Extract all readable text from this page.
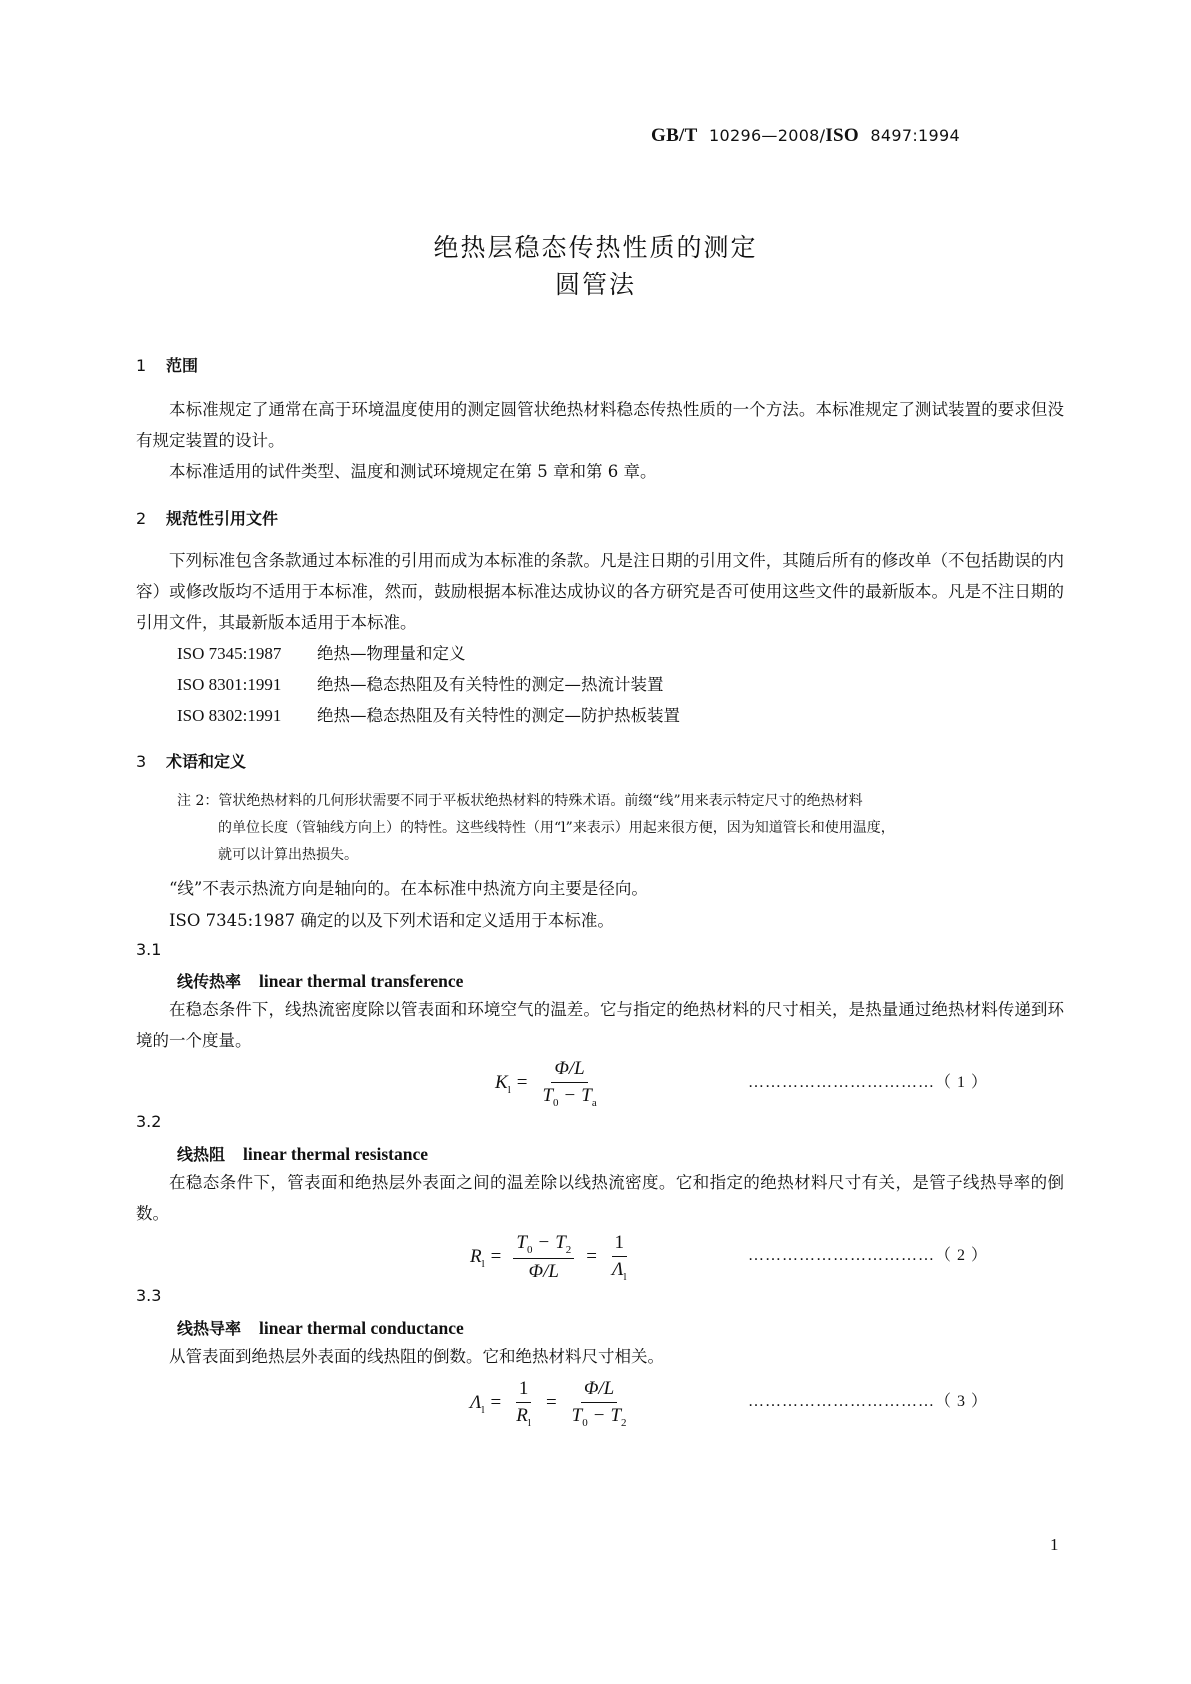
GB/T 10296—2008/ISO 8497:1994
绝热层稳态传热性质的测定
圆管法
1 范围
本标准规定了通常在高于环境温度使用的测定圆管状绝热材料稳态传热性质的一个方法。本标准规定了测试装置的要求但没有规定装置的设计。
本标准适用的试件类型、温度和测试环境规定在第 5 章和第 6 章。
2 规范性引用文件
下列标准包含条款通过本标准的引用而成为本标准的条款。凡是注日期的引用文件，其随后所有的修改单（不包括勘误的内容）或修改版均不适用于本标准，然而，鼓励根据本标准达成协议的各方研究是否可使用这些文件的最新版本。凡是不注日期的引用文件，其最新版本适用于本标准。
ISO 7345:1987 绝热—物理量和定义
ISO 8301:1991 绝热—稳态热阻及有关特性的测定—热流计装置
ISO 8302:1991 绝热—稳态热阻及有关特性的测定—防护热板装置
3 术语和定义
注 2：管状绝热材料的几何形状需要不同于平板状绝热材料的特殊术语。前缀“线”用来表示特定尺寸的绝热材料
的单位长度（管轴线方向上）的特性。这些线特性（用“l”来表示）用起来很方便，因为知道管长和使用温度，
就可以计算出热损失。
“线”不表示热流方向是轴向的。在本标准中热流方向主要是径向。
ISO 7345:1987 确定的以及下列术语和定义适用于本标准。
3.1
线传热率 linear thermal transference
在稳态条件下，线热流密度除以管表面和环境空气的温差。它与指定的绝热材料的尺寸相关，是热量通过绝热材料传递到环境的一个度量。
$K_l = \frac{\Phi/L}{T_0 - T_a}$	……………………………（ 1 ）
3.2
线热阻 linear thermal resistance
在稳态条件下，管表面和绝热层外表面之间的温差除以线热流密度。它和指定的绝热材料尺寸有关，是管子线热导率的倒数。
$R_l = \frac{T_0 - T_2}{\Phi/L} = \frac{1}{\Lambda_l}$	……………………………（ 2 ）
3.3
线热导率 linear thermal conductance
从管表面到绝热层外表面的线热阻的倒数。它和绝热材料尺寸相关。
$\Lambda_l = \frac{1}{R_l} = \frac{\Phi/L}{T_0 - T_2}$	……………………………（ 3 ）
1
